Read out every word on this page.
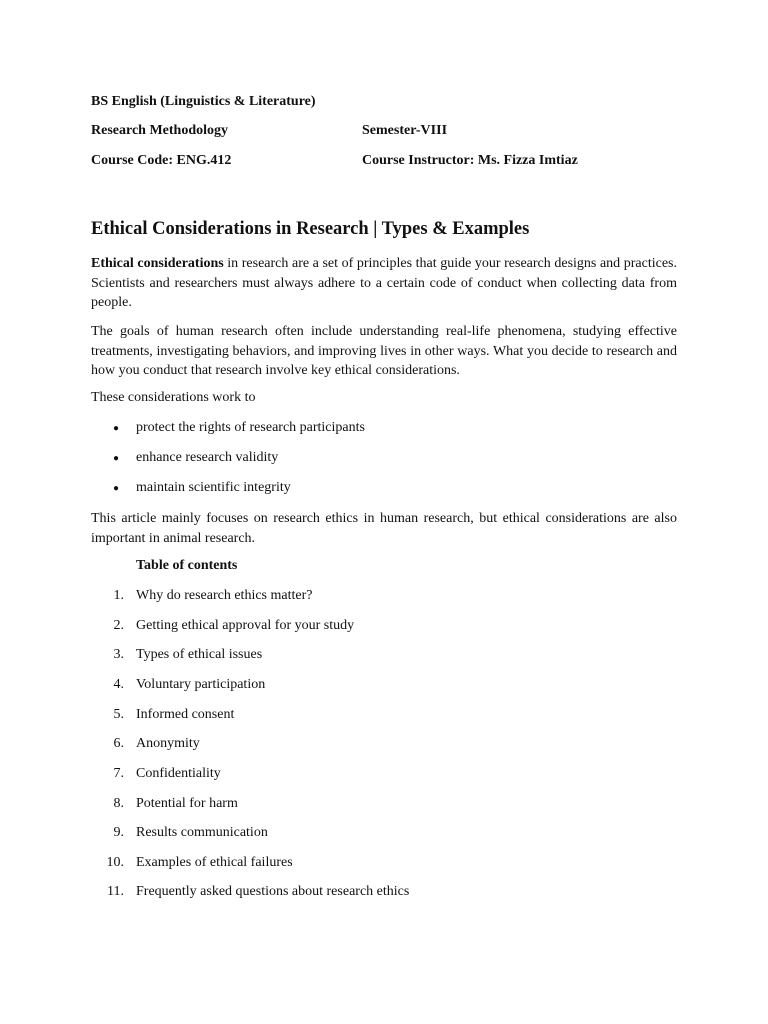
BS English (Linguistics & Literature)
Research Methodology	Semester-VIII
Course Code: ENG.412	Course Instructor: Ms. Fizza Imtiaz
Ethical Considerations in Research | Types & Examples
Ethical considerations in research are a set of principles that guide your research designs and practices. Scientists and researchers must always adhere to a certain code of conduct when collecting data from people.
The goals of human research often include understanding real-life phenomena, studying effective treatments, investigating behaviors, and improving lives in other ways. What you decide to research and how you conduct that research involve key ethical considerations.
These considerations work to
● protect the rights of research participants
● enhance research validity
● maintain scientific integrity
This article mainly focuses on research ethics in human research, but ethical considerations are also important in animal research.
Table of contents
1. Why do research ethics matter?
2. Getting ethical approval for your study
3. Types of ethical issues
4. Voluntary participation
5. Informed consent
6. Anonymity
7. Confidentiality
8. Potential for harm
9. Results communication
10. Examples of ethical failures
11. Frequently asked questions about research ethics
